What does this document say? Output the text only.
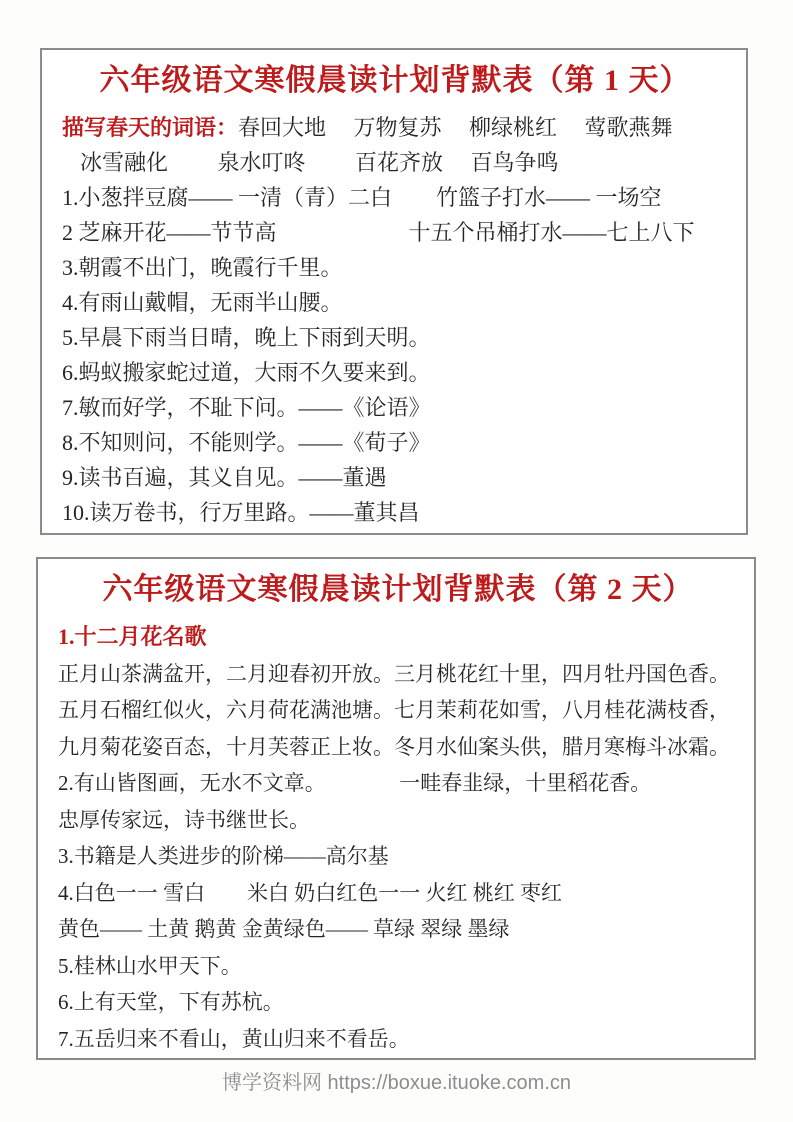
六年级语文寒假晨读计划背默表（第 1 天）

描写春天的词语：春回大地　 万物复苏　 柳绿桃红　 莺歌燕舞

冰雪融化　　 泉水叮咚　　 百花齐放　 百鸟争鸣

1.小葱拌豆腐—— 一清（青）二白　　竹篮子打水—— 一场空

2 芝麻开花——节节高　　　　　　十五个吊桶打水——七上八下

3.朝霞不出门，晚霞行千里。

4.有雨山戴帽，无雨半山腰。

5.早晨下雨当日晴，晚上下雨到天明。

6.蚂蚁搬家蛇过道，大雨不久要来到。

7.敏而好学，不耻下问。——《论语》

8.不知则问，不能则学。——《荀子》

9.读书百遍，其义自见。——董遇

10.读万卷书，行万里路。——董其昌

六年级语文寒假晨读计划背默表（第 2 天）

1.十二月花名歌

正月山茶满盆开，二月迎春初开放。三月桃花红十里，四月牡丹国色香。

五月石榴红似火，六月荷花满池塘。七月茉莉花如雪，八月桂花满枝香，

九月菊花姿百态，十月芙蓉正上妆。冬月水仙案头供，腊月寒梅斗冰霜。

2.有山皆图画，无水不文章。　　　　一畦春韭绿，十里稻花香。

忠厚传家远，诗书继世长。

3.书籍是人类进步的阶梯——高尔基

4.白色一一 雪白　　米白 奶白红色一一 火红 桃红 枣红

黄色—— 土黄 鹅黄 金黄绿色—— 草绿 翠绿 墨绿

5.桂林山水甲天下。

6.上有天堂，下有苏杭。

7.五岳归来不看山，黄山归来不看岳。

博学资料网 https://boxue.ituoke.com.cn
